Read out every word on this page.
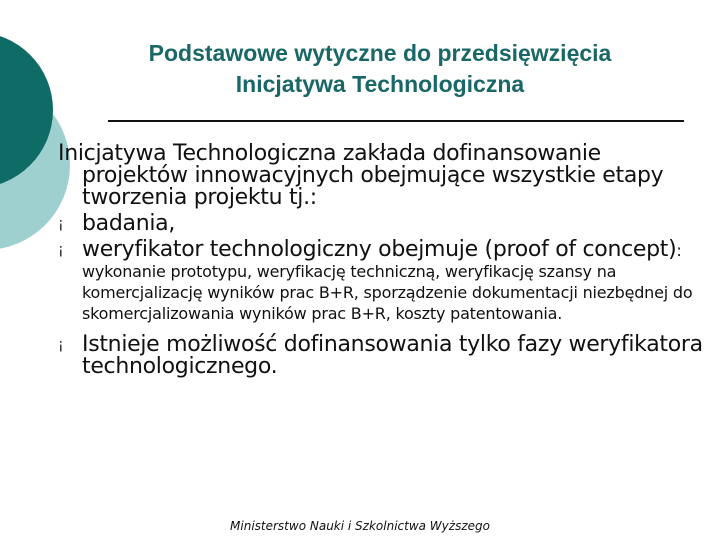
Podstawowe wytyczne do przedsięwzięcia
Inicjatywa Technologiczna

Inicjatywa Technologiczna zakłada dofinansowanie projektów innowacyjnych obejmujące wszystkie etapy tworzenia projektu tj.:

¡ badania,
¡ weryfikator technologiczny obejmuje (proof of concept): wykonanie prototypu, weryfikację techniczną, weryfikację szansy na komercjalizację wyników prac B+R, sporządzenie dokumentacji niezbędnej do skomercjalizowania wyników prac B+R, koszty patentowania.
¡ Istnieje możliwość dofinansowania tylko fazy weryfikatora technologicznego.
Ministerstwo Nauki i Szkolnictwa Wyższego
